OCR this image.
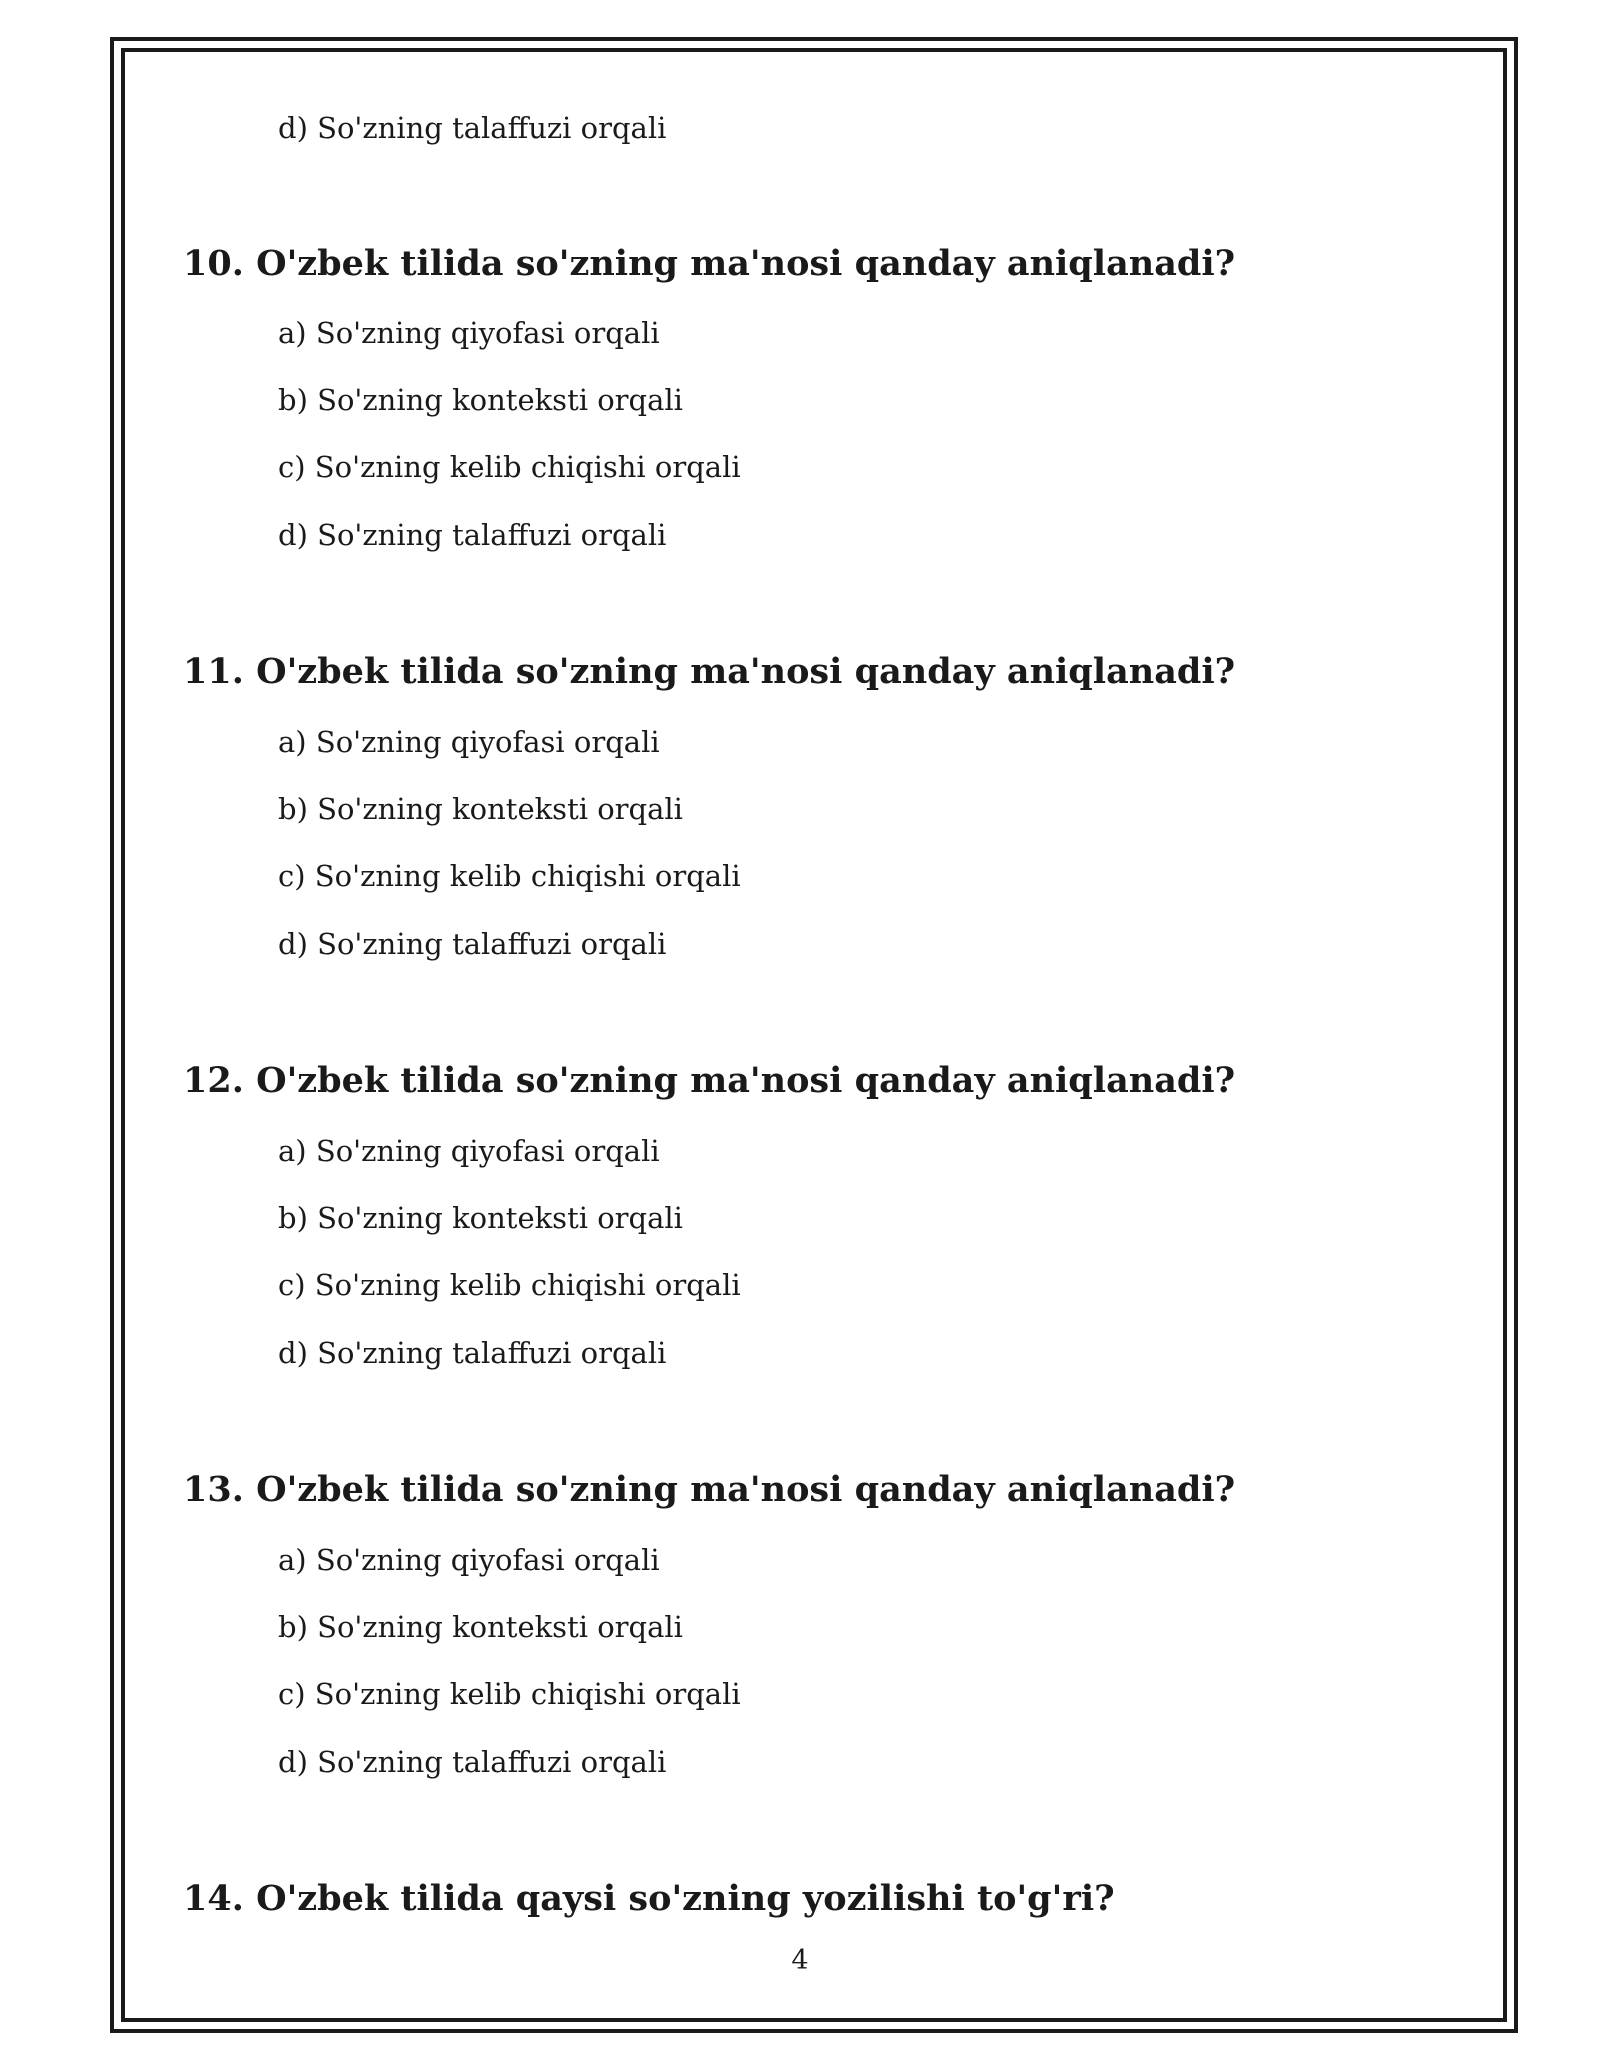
d) So'zning talaffuzi orqali
10. O'zbek tilida so'zning ma'nosi qanday aniqlanadi?
a) So'zning qiyofasi orqali
b) So'zning konteksti orqali
c) So'zning kelib chiqishi orqali
d) So'zning talaffuzi orqali
11. O'zbek tilida so'zning ma'nosi qanday aniqlanadi?
a) So'zning qiyofasi orqali
b) So'zning konteksti orqali
c) So'zning kelib chiqishi orqali
d) So'zning talaffuzi orqali
12. O'zbek tilida so'zning ma'nosi qanday aniqlanadi?
a) So'zning qiyofasi orqali
b) So'zning konteksti orqali
c) So'zning kelib chiqishi orqali
d) So'zning talaffuzi orqali
13. O'zbek tilida so'zning ma'nosi qanday aniqlanadi?
a) So'zning qiyofasi orqali
b) So'zning konteksti orqali
c) So'zning kelib chiqishi orqali
d) So'zning talaffuzi orqali
14. O'zbek tilida qaysi so'zning yozilishi to'g'ri?
4
